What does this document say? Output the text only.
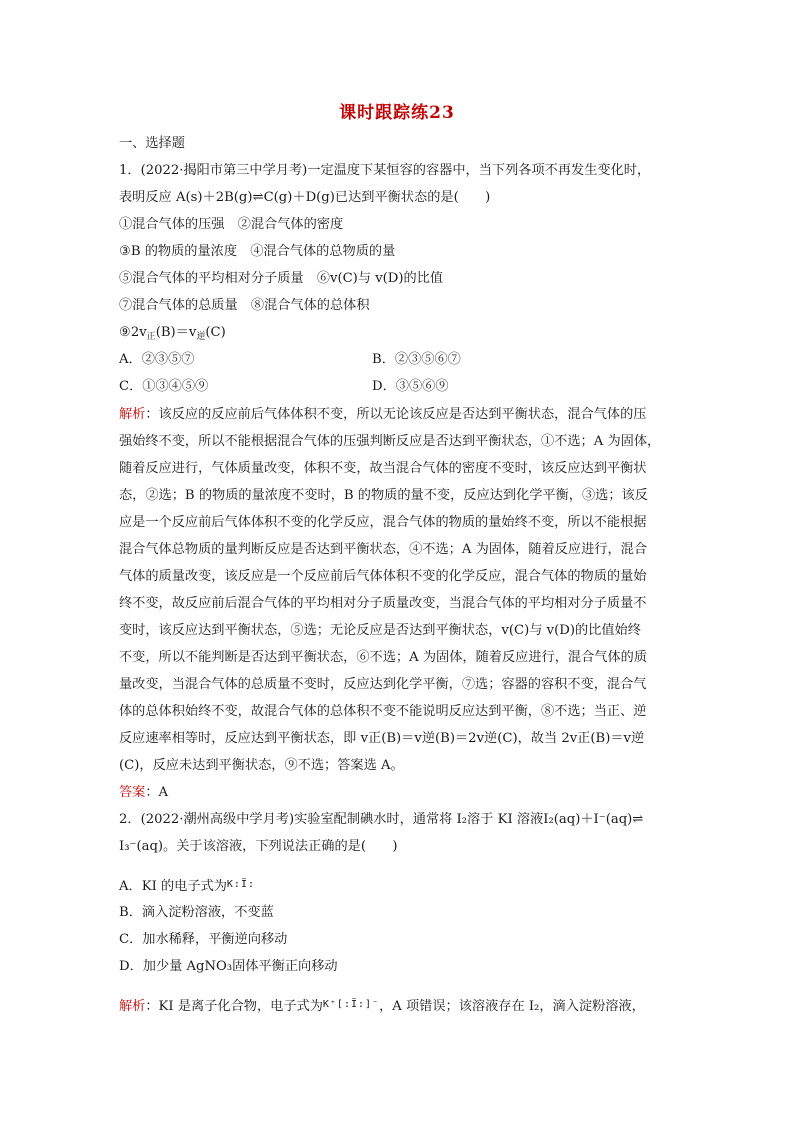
课时跟踪练23
一、选择题
1．(2022·揭阳市第三中学月考)一定温度下某恒容的容器中，当下列各项不再发生变化时，
表明反应 A(s)＋2B(g)⇌C(g)＋D(g)已达到平衡状态的是(　　)
①混合气体的压强　②混合气体的密度
③B 的物质的量浓度　④混合气体的总物质的量
⑤混合气体的平均相对分子质量　⑥v(C)与 v(D)的比值
⑦混合气体的总质量　⑧混合气体的总体积
$⑨2v_正(B)=v_逆(C)$
A．②③⑤⑦	B．②③⑤⑥⑦
C．①③④⑤⑨	D．③⑤⑥⑨
解析：该反应的反应前后气体体积不变，所以无论该反应是否达到平衡状态，混合气体的压
强始终不变，所以不能根据混合气体的压强判断反应是否达到平衡状态，①不选；A 为固体，
随着反应进行，气体质量改变，体积不变，故当混合气体的密度不变时，该反应达到平衡状
态，②选；B 的物质的量浓度不变时，B 的物质的量不变，反应达到化学平衡，③选；该反
应是一个反应前后气体体积不变的化学反应，混合气体的物质的量始终不变，所以不能根据
混合气体总物质的量判断反应是否达到平衡状态，④不选；A 为固体，随着反应进行，混合
气体的质量改变，该反应是一个反应前后气体体积不变的化学反应，混合气体的物质的量始
终不变，故反应前后混合气体的平均相对分子质量改变，当混合气体的平均相对分子质量不
变时，该反应达到平衡状态，⑤选；无论反应是否达到平衡状态，v(C)与 v(D)的比值始终
不变，所以不能判断是否达到平衡状态，⑥不选；A 为固体，随着反应进行，混合气体的质
量改变，当混合气体的总质量不变时，反应达到化学平衡，⑦选；容器的容积不变，混合气
体的总体积始终不变，故混合气体的总体积不变不能说明反应达到平衡，⑧不选；当正、逆
反应速率相等时，反应达到平衡状态，即 v正(B)＝v逆(B)＝2v逆(C)，故当 2v正(B)＝v逆
(C)，反应未达到平衡状态，⑨不选；答案选 A。
答案：A
2．(2022·潮州高级中学月考)实验室配制碘水时，通常将 I₂溶于 KI 溶液I₂(aq)＋I⁻(aq)⇌
I₃⁻(aq)。关于该溶液，下列说法正确的是(　　)
A．KI 的电子式为$^{K:Ï:}$
B．滴入淀粉溶液，不变蓝
C．加水稀释，平衡逆向移动
D．加少量 AgNO₃固体平衡正向移动
解析：KI 是离子化合物，电子式为$^{K^+[:Ï:]^-}$，A 项错误；该溶液存在 I₂，滴入淀粉溶液，
